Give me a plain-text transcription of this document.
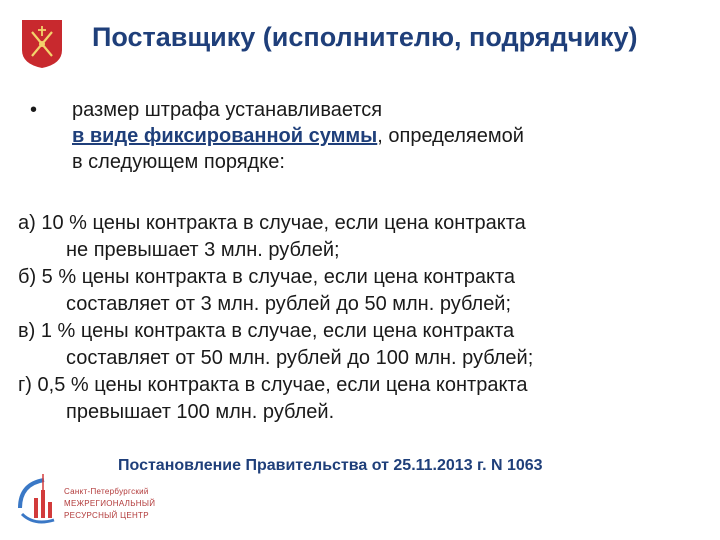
Поставщику (исполнителю, подрядчику)
• размер штрафа устанавливается
в виде фиксированной суммы, определяемой
в следующем порядке:
а) 10 % цены контракта в случае, если цена контракта
не превышает 3 млн. рублей;
б) 5 % цены контракта в случае, если цена контракта
составляет от 3 млн. рублей до 50 млн. рублей;
в) 1 % цены контракта в случае, если цена контракта
составляет от 50 млн. рублей до 100 млн. рублей;
г) 0,5 % цены контракта в случае, если цена контракта
превышает 100 млн. рублей.
Постановление Правительства от 25.11.2013 г. N 1063
Санкт-Петербургский
МЕЖРЕГИОНАЛЬНЫЙ
РЕСУРСНЫЙ ЦЕНТР
